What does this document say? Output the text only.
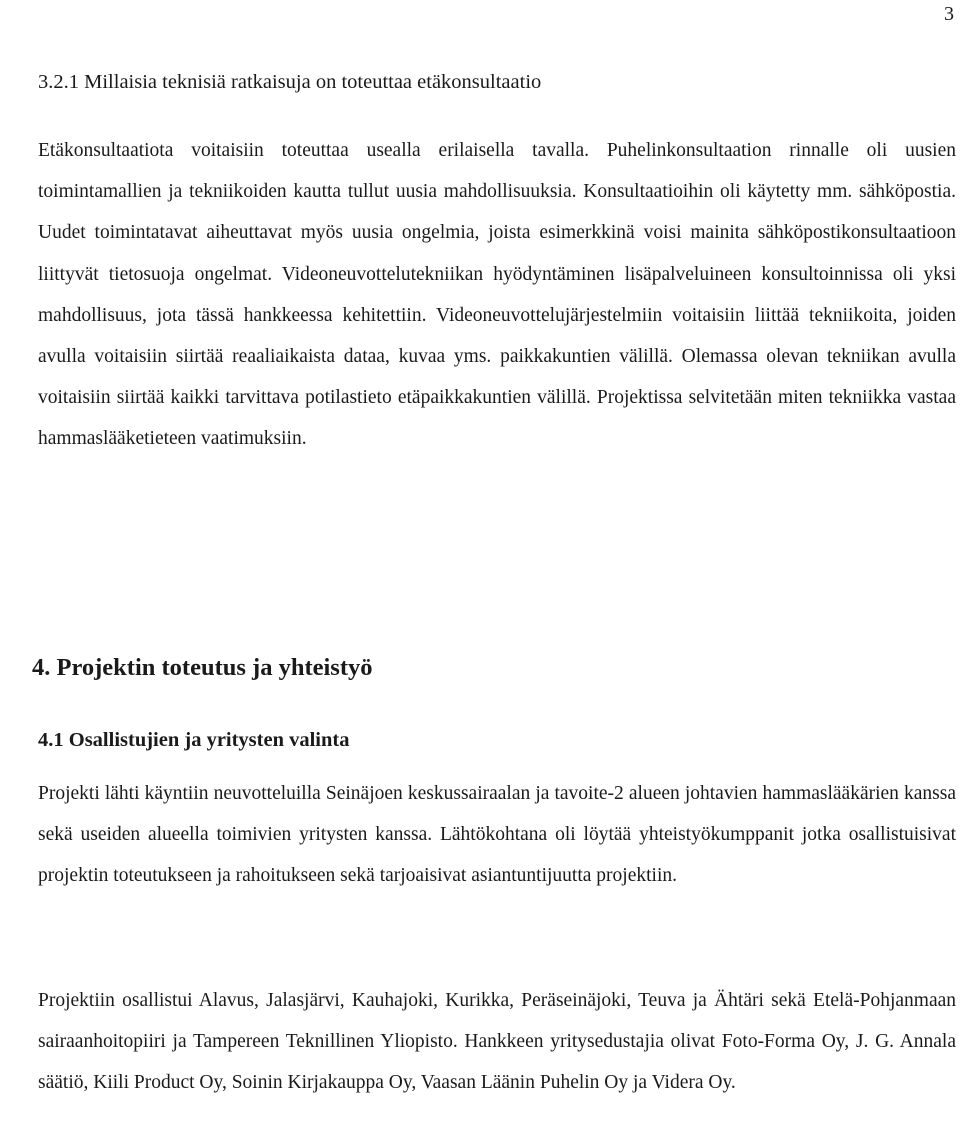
3
3.2.1 Millaisia teknisiä ratkaisuja on toteuttaa etäkonsultaatio

Etäkonsultaatiota voitaisiin toteuttaa usealla erilaisella tavalla. Puhelinkonsultaation rinnalle oli uusien toimintamallien ja tekniikoiden kautta tullut uusia mahdollisuuksia. Konsultaatioihin oli käytetty mm. sähköpostia. Uudet toimintatavat aiheuttavat myös uusia ongelmia, joista esimerkkinä voisi mainita sähköpostikonsultaatioon liittyvät tietosuoja ongelmat. Videoneuvottelutekniikan hyödyntäminen lisäpalveluineen konsultoinnissa oli yksi mahdollisuus, jota tässä hankkeessa kehitettiin. Videoneuvottelujärjestelmiin voitaisiin liittää tekniikoita, joiden avulla voitaisiin siirtää reaaliaikaista dataa, kuvaa yms. paikkakuntien välillä. Olemassa olevan tekniikan avulla voitaisiin siirtää kaikki tarvittava potilastieto etäpaikkakuntien välillä. Projektissa selvitetään miten tekniikka vastaa hammaslääketieteen vaatimuksiin.

4. Projektin toteutus ja yhteistyö
4.1 Osallistujien ja yritysten valinta

Projekti lähti käyntiin neuvotteluilla Seinäjoen keskussairaalan ja tavoite-2 alueen johtavien hammaslääkärien kanssa sekä useiden alueella toimivien yritysten kanssa. Lähtökohtana oli löytää yhteistyökumppanit jotka osallistuisivat projektin toteutukseen ja rahoitukseen sekä tarjoaisivat asiantuntijuutta projektiin.

Projektiin osallistui Alavus, Jalasjärvi, Kauhajoki, Kurikka, Peräseinäjoki, Teuva ja Ähtäri sekä Etelä-Pohjanmaan sairaanhoitopiiri ja Tampereen Teknillinen Yliopisto. Hankkeen yritysedustajia olivat Foto-Forma Oy, J. G. Annala säätiö, Kiili Product Oy, Soinin Kirjakauppa Oy, Vaasan Läänin Puhelin Oy ja Videra Oy.
